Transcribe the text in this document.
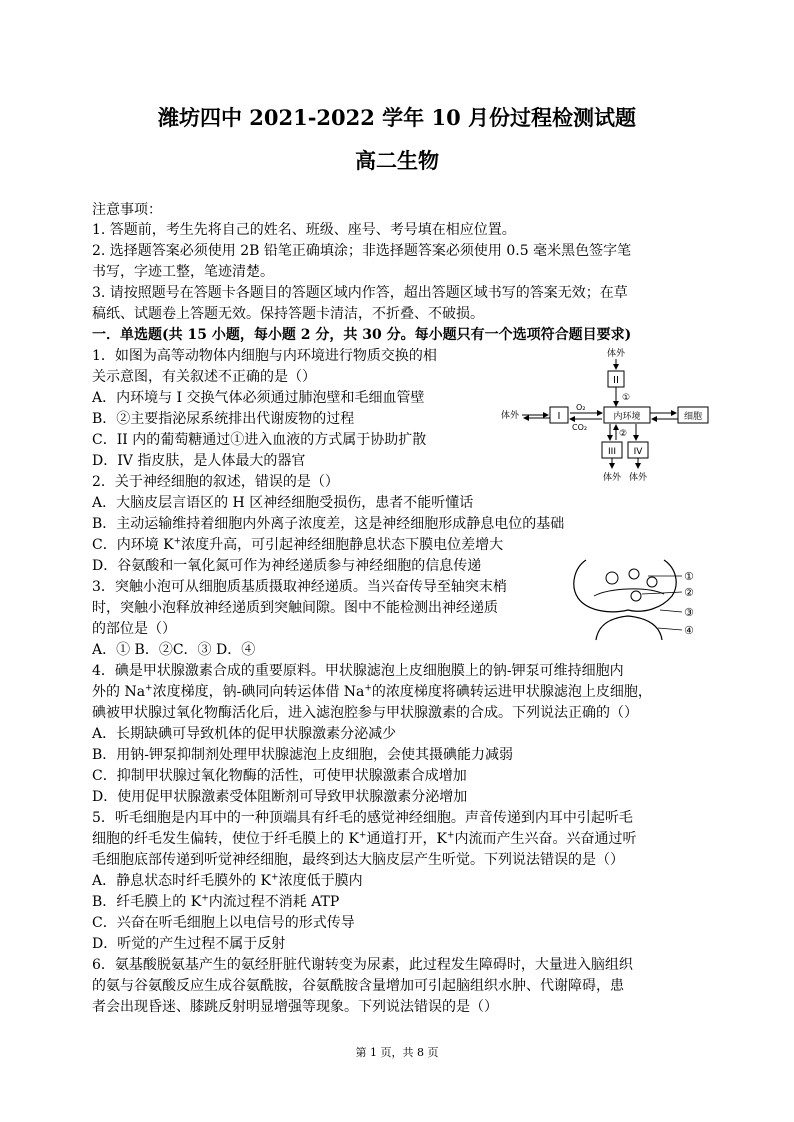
潍坊四中 2021-2022 学年 10 月份过程检测试题
高二生物
注意事项：
1. 答题前，考生先将自己的姓名、班级、座号、考号填在相应位置。
2. 选择题答案必须使用 2B 铅笔正确填涂；非选择题答案必须使用 0.5 毫米黑色签字笔
书写，字迹工整，笔迹清楚。
3. 请按照题号在答题卡各题目的答题区域内作答，超出答题区域书写的答案无效；在草
稿纸、试题卷上答题无效。保持答题卡清洁，不折叠、不破损。
一．单选题(共 15 小题，每小题 2 分，共 30 分。每小题只有一个选项符合题目要求)
1．如图为高等动物体内细胞与内环境进行物质交换的相
关示意图，有关叙述不正确的是（）
A．内环境与 I 交换气体必须通过肺泡壁和毛细血管壁
B．②主要指泌尿系统排出代谢废物的过程
C．II 内的葡萄糖通过①进入血液的方式属于协助扩散
D．IV 指皮肤，是人体最大的器官
体外
II
①
体外	I
O₂
CO₂
内环境	细胞
②
III IV
体外 体外
2．关于神经细胞的叙述，错误的是（）
A．大脑皮层言语区的 H 区神经细胞受损伤，患者不能听懂话
B．主动运输维持着细胞内外离子浓度差，这是神经细胞形成静息电位的基础
C．内环境 K+浓度升高，可引起神经细胞静息状态下膜电位差增大
D．谷氨酸和一氧化氮可作为神经递质参与神经细胞的信息传递
3．突触小泡可从细胞质基质摄取神经递质。当兴奋传导至轴突末梢
时，突触小泡释放神经递质到突触间隙。图中不能检测出神经递质
的部位是（）
A．① B．②C．③ D．④
①
②
③
④
4．碘是甲状腺激素合成的重要原料。甲状腺滤泡上皮细胞膜上的钠-钾泵可维持细胞内
外的 Na+浓度梯度，钠-碘同向转运体借 Na+的浓度梯度将碘转运进甲状腺滤泡上皮细胞，
碘被甲状腺过氧化物酶活化后，进入滤泡腔参与甲状腺激素的合成。下列说法正确的（）
A．长期缺碘可导致机体的促甲状腺激素分泌减少
B．用钠-钾泵抑制剂处理甲状腺滤泡上皮细胞，会使其摄碘能力减弱
C．抑制甲状腺过氧化物酶的活性，可使甲状腺激素合成增加
D．使用促甲状腺激素受体阻断剂可导致甲状腺激素分泌增加
5．听毛细胞是内耳中的一种顶端具有纤毛的感觉神经细胞。声音传递到内耳中引起听毛
细胞的纤毛发生偏转，使位于纤毛膜上的 K+通道打开，K+内流而产生兴奋。兴奋通过听
毛细胞底部传递到听觉神经细胞，最终到达大脑皮层产生听觉。下列说法错误的是（）
A．静息状态时纤毛膜外的 K+浓度低于膜内
B．纤毛膜上的 K+内流过程不消耗 ATP
C．兴奋在听毛细胞上以电信号的形式传导
D．听觉的产生过程不属于反射
6．氨基酸脱氨基产生的氨经肝脏代谢转变为尿素，此过程发生障碍时，大量进入脑组织
的氨与谷氨酸反应生成谷氨酰胺，谷氨酰胺含量增加可引起脑组织水肿、代谢障碍，患
者会出现昏迷、膝跳反射明显增强等现象。下列说法错误的是（）
第 1 页，共 8 页
